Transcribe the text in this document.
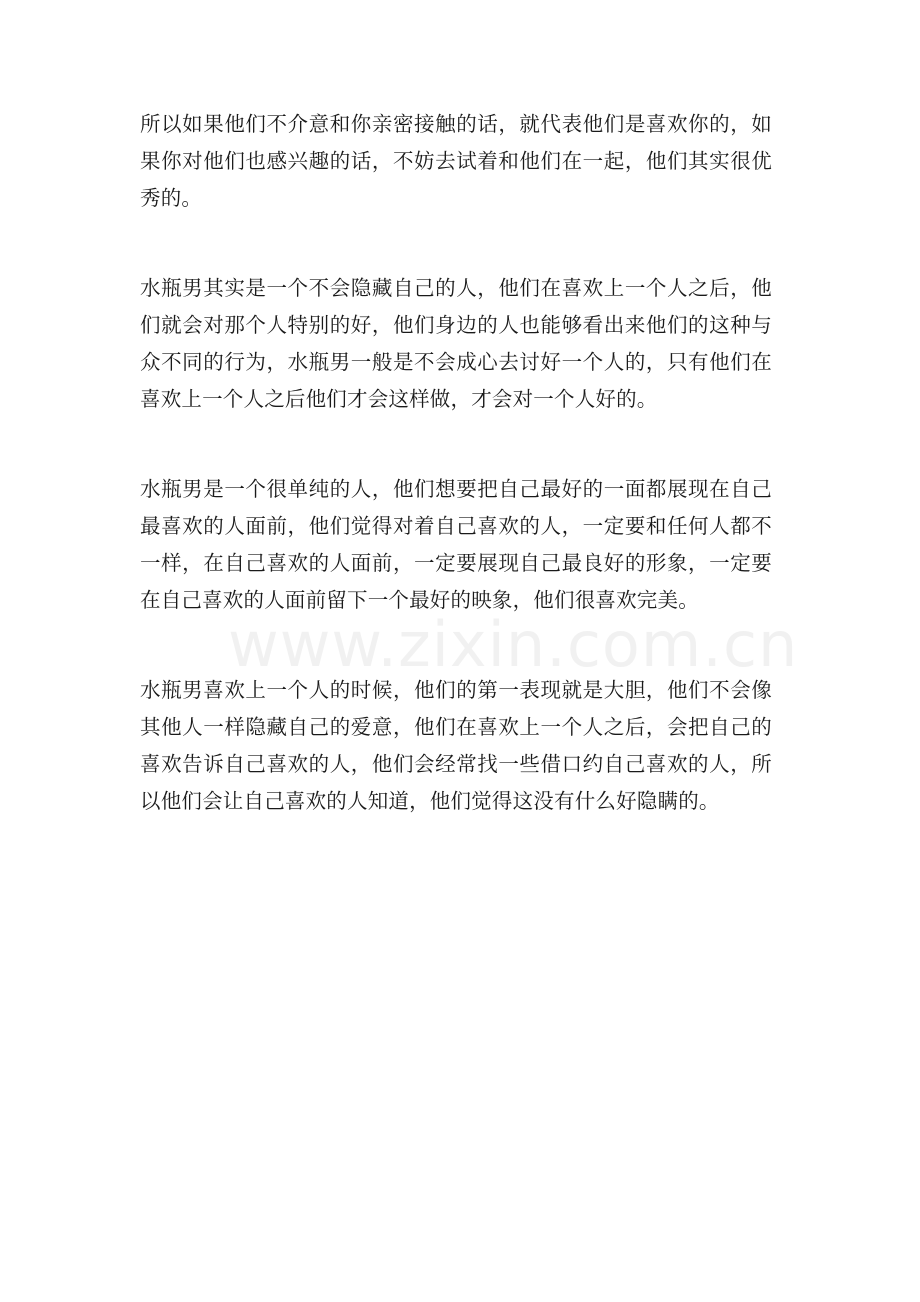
所以如果他们不介意和你亲密接触的话，就代表他们是喜欢你的，如果你对他们也感兴趣的话，不妨去试着和他们在一起，他们其实很优秀的。

水瓶男其实是一个不会隐藏自己的人，他们在喜欢上一个人之后，他们就会对那个人特别的好，他们身边的人也能够看出来他们的这种与众不同的行为，水瓶男一般是不会成心去讨好一个人的，只有他们在喜欢上一个人之后他们才会这样做，才会对一个人好的。

水瓶男是一个很单纯的人，他们想要把自己最好的一面都展现在自己最喜欢的人面前，他们觉得对着自己喜欢的人，一定要和任何人都不一样，在自己喜欢的人面前，一定要展现自己最良好的形象，一定要在自己喜欢的人面前留下一个最好的映象，他们很喜欢完美。

水瓶男喜欢上一个人的时候，他们的第一表现就是大胆，他们不会像其他人一样隐藏自己的爱意，他们在喜欢上一个人之后，会把自己的喜欢告诉自己喜欢的人，他们会经常找一些借口约自己喜欢的人，所以他们会让自己喜欢的人知道，他们觉得这没有什么好隐瞒的。

www.zixin.com.cn
